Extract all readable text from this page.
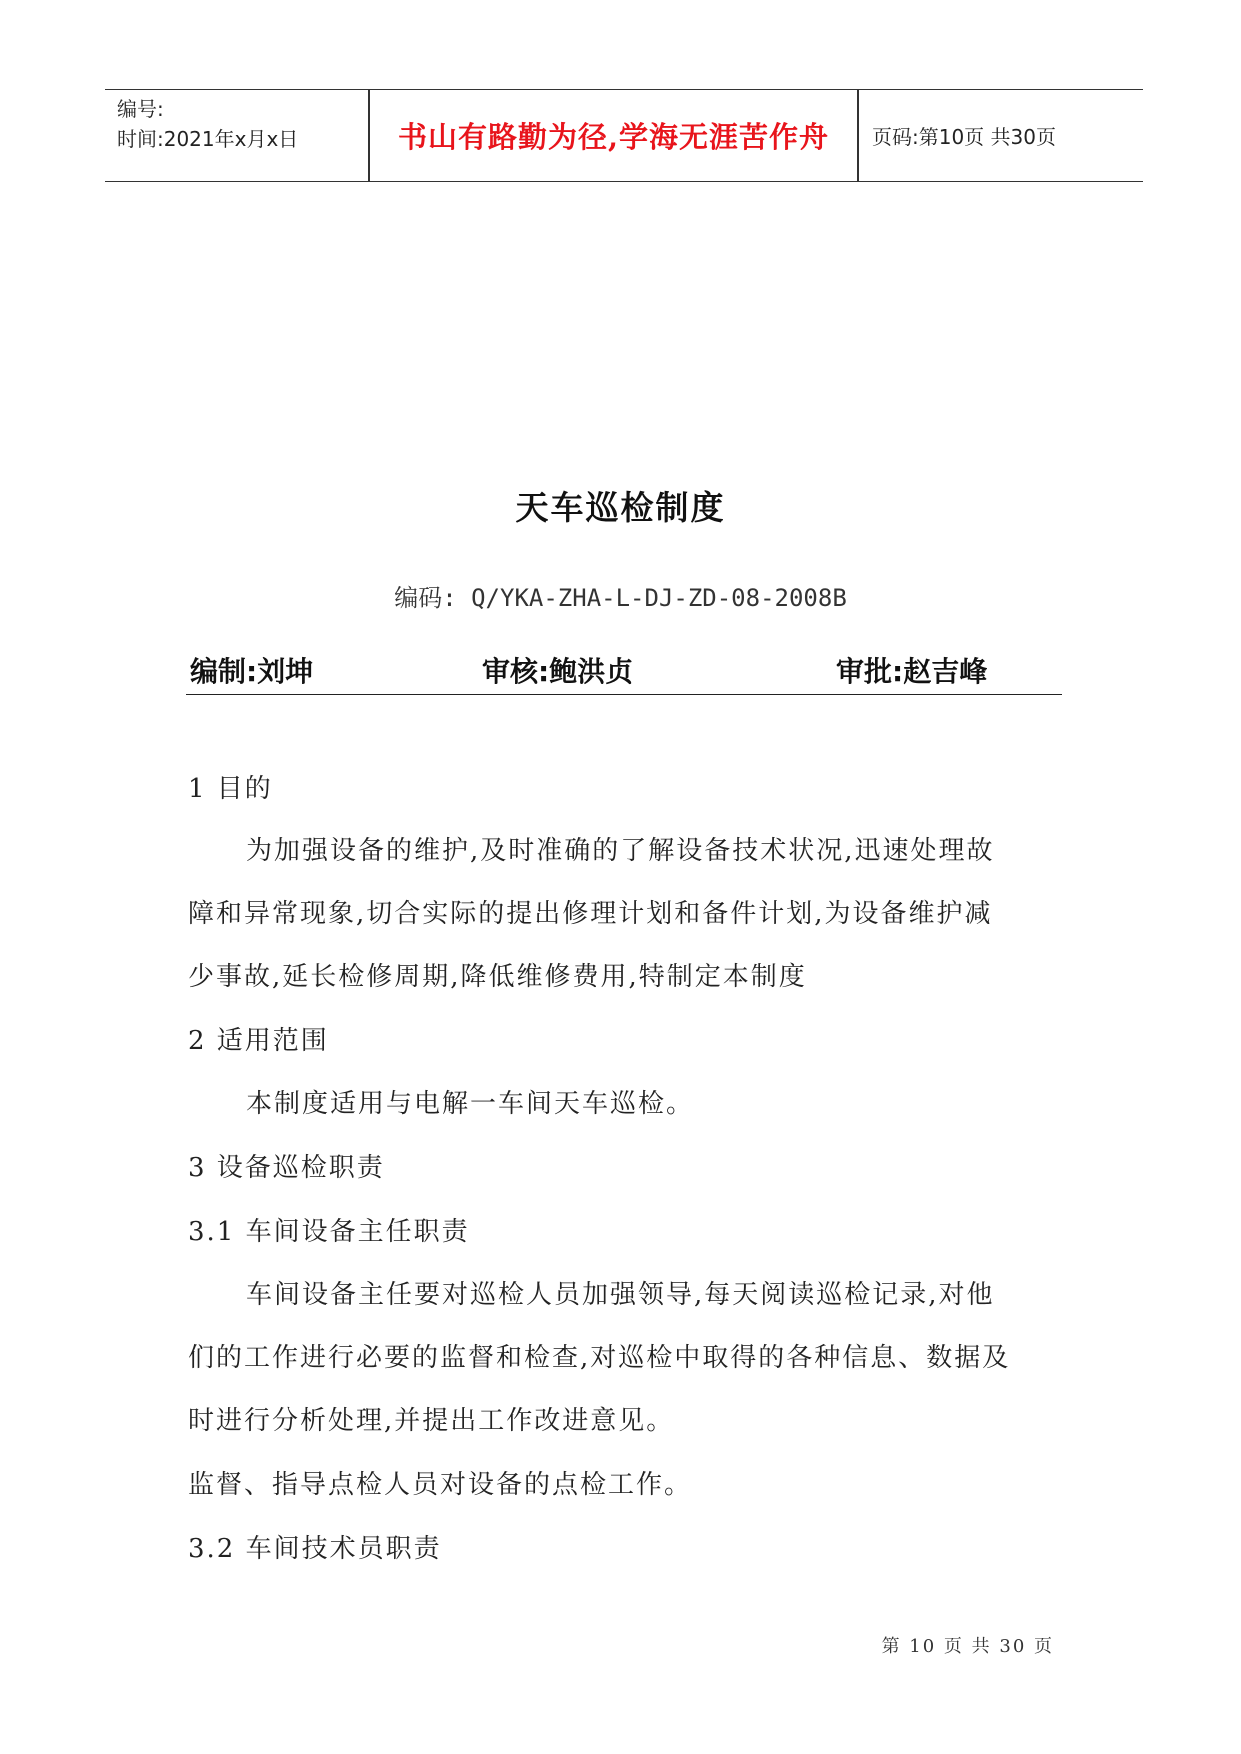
编号:
时间:2021年x月x日	书山有路勤为径,学海无涯苦作舟	页码:第10页 共30页
天车巡检制度
编码: Q/YKA-ZHA-L-DJ-ZD-08-2008B
编制:刘坤	审核:鲍洪贞	审批:赵吉峰
1 目的
为加强设备的维护,及时准确的了解设备技术状况,迅速处理故
障和异常现象,切合实际的提出修理计划和备件计划,为设备维护减
少事故,延长检修周期,降低维修费用,特制定本制度
2 适用范围
本制度适用与电解一车间天车巡检。
3 设备巡检职责
3.1 车间设备主任职责
车间设备主任要对巡检人员加强领导,每天阅读巡检记录,对他
们的工作进行必要的监督和检查,对巡检中取得的各种信息、数据及
时进行分析处理,并提出工作改进意见。
监督、指导点检人员对设备的点检工作。
3.2 车间技术员职责
第 10 页 共 30 页
